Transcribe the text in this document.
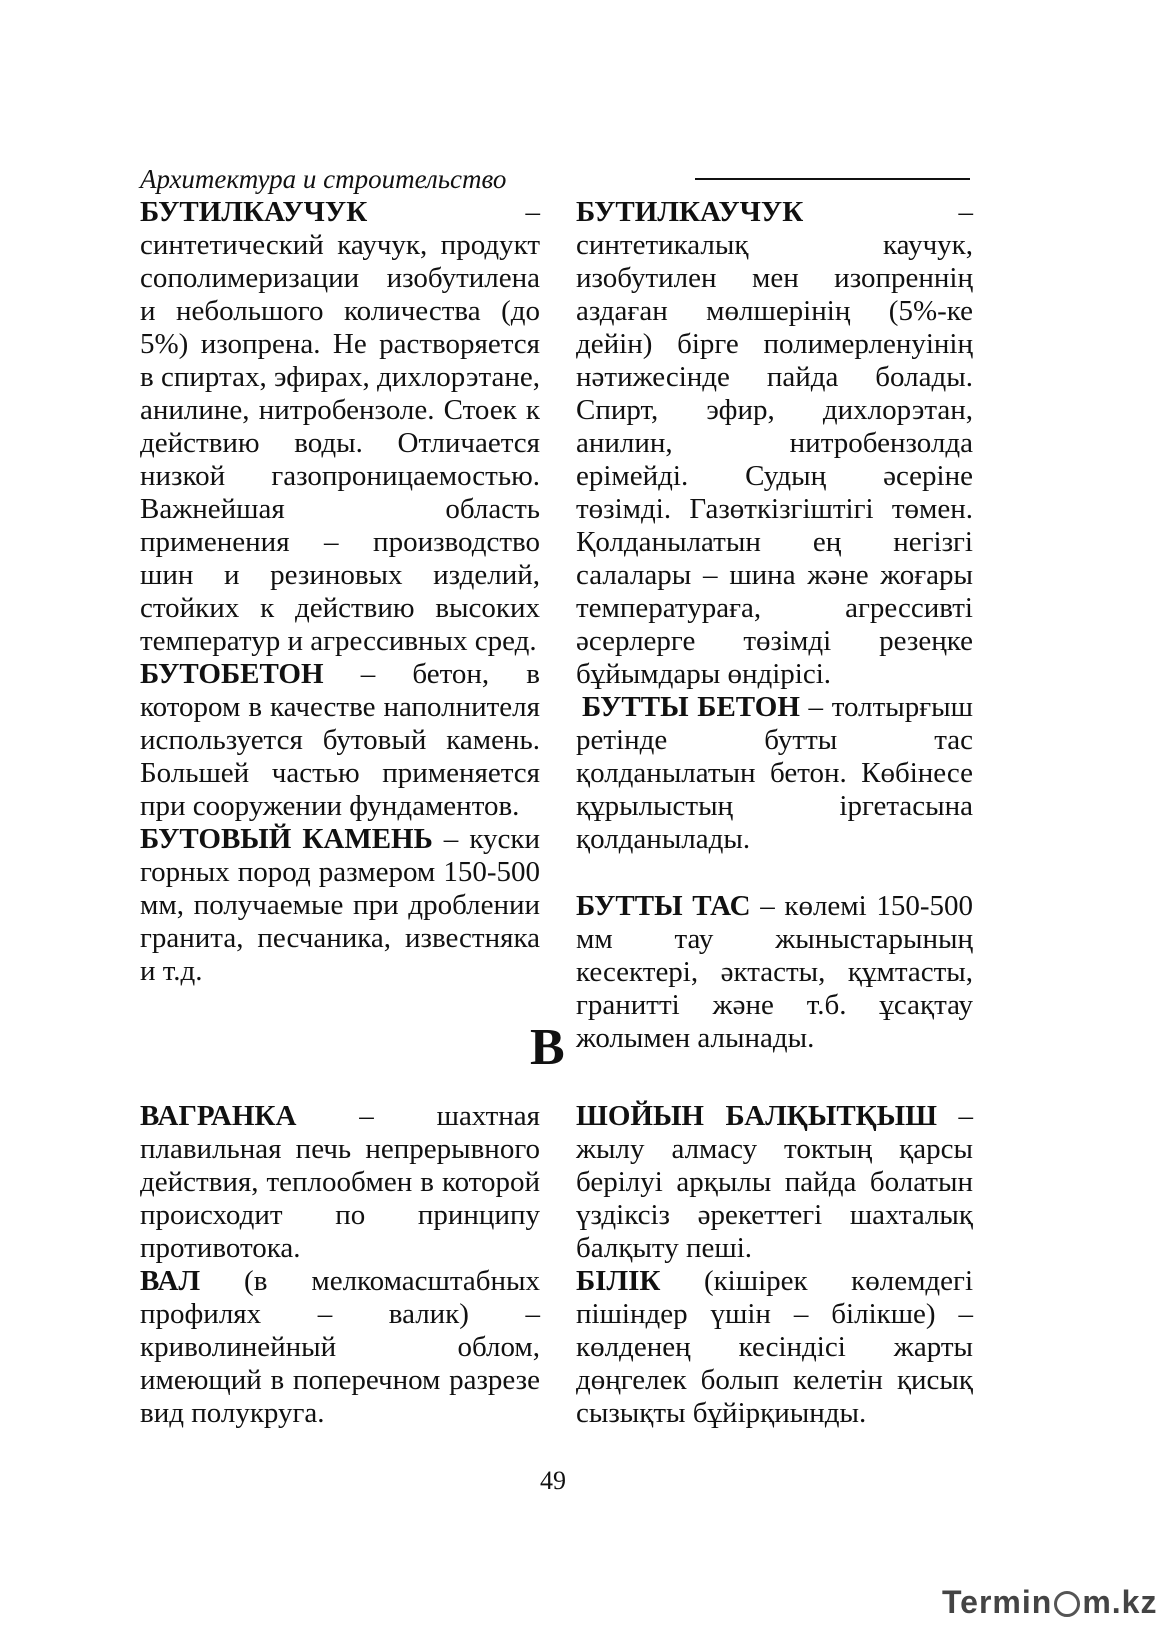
Архитектура и строительство

БУТИЛКАУЧУК – синтетический каучук, продукт сополимеризации изобутилена и небольшого количества (до 5%) изопрена. Не растворяется в спиртах, эфирах, дихлорэтане, анилине, нитробензоле. Стоек к действию воды. Отличается низкой газопроницаемостью. Важнейшая область применения – производство шин и резиновых изделий, стойких к действию высоких температур и агрессивных сред.

БУТОБЕТОН – бетон, в котором в качестве наполнителя используется бутовый камень. Большей частью применяется при сооружении фундаментов.

БУТОВЫЙ КАМЕНЬ – куски горных пород размером 150-500 мм, получаемые при дроблении гранита, песчаника, известняка и т.д.

БУТИЛКАУЧУК – синтетикалық каучук, изобутилен мен изопреннің аздаған мөлшерінің (5%-ке дейін) бірге полимерленуінің нәтижесінде пайда болады. Спирт, эфир, дихлорэтан, анилин, нитробензолда ерімейді. Судың әсеріне төзімді. Газөткізгіштігі төмен. Қолданылатын ең негізгі салалары – шина және жоғары температураға, агрессивті әсерлерге төзімді резеңке бұйымдары өндірісі.

БУТТЫ БЕТОН – толтырғыш ретінде бутты тас қолданылатын бетон. Көбінесе құрылыстың іргетасына қолданылады.

БУТТЫ ТАС – көлемі 150-500 мм тау жыныстарының кесектері, әктасты, құмтасты, гранитті және т.б. ұсақтау жолымен алынады.

В

ВАГРАНКА – шахтная плавильная печь непрерывного действия, теплообмен в которой происходит по принципу противотока.

ВАЛ (в мелкомасштабных профилях – валик) – криволинейный облом, имеющий в поперечном разрезе вид полукруга.

ШОЙЫН БАЛҚЫТҚЫШ – жылу алмасу токтың қарсы берілуі арқылы пайда болатын үздіксіз әрекеттегі шахталық балқыту пеші.

БІЛІК (кішірек көлемдегі пішіндер үшін – білікше) – көлденең кесіндісі жарты дөңгелек болып келетін қисық сызықты бұйірқиынды.

49
Termin m.kz
